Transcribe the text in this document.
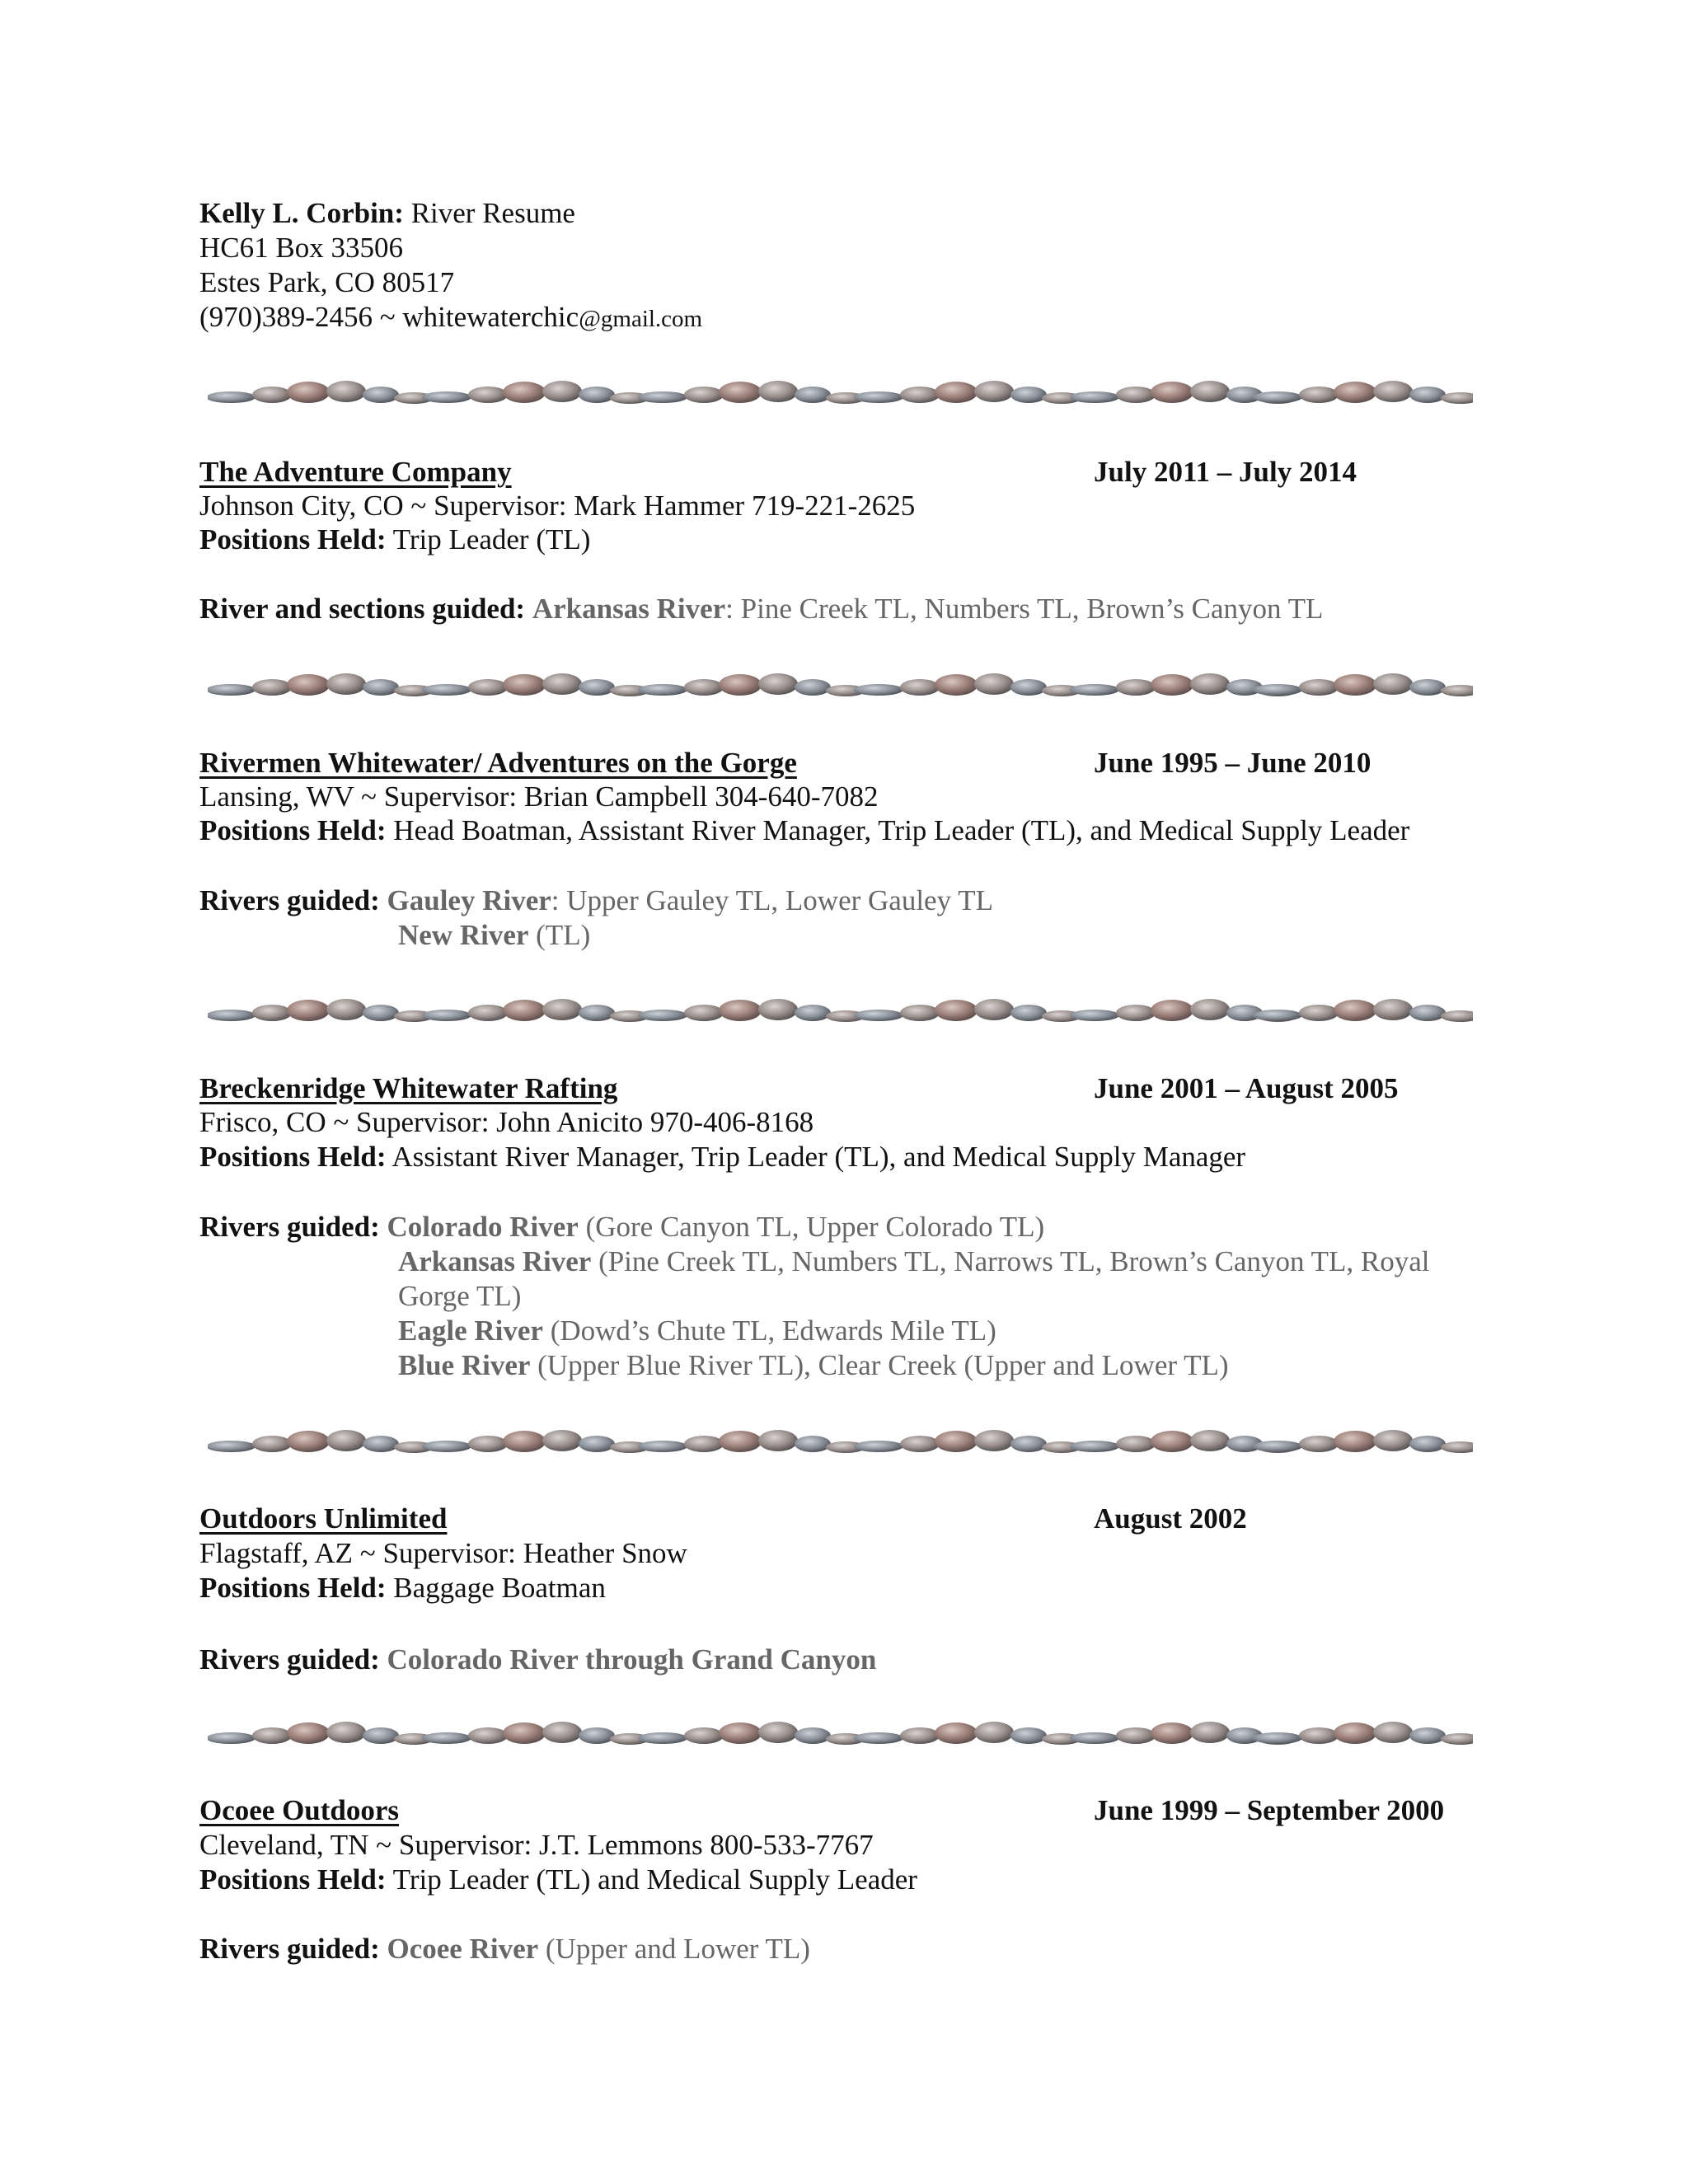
Kelly L. Corbin: River Resume
HC61 Box 33506
Estes Park, CO 80517
(970)389-2456 ~ whitewaterchic@gmail.com
The Adventure Company	July 2011 – July 2014
Johnson City, CO ~ Supervisor: Mark Hammer 719-221-2625
Positions Held: Trip Leader (TL)
River and sections guided: Arkansas River: Pine Creek TL, Numbers TL, Brown’s Canyon TL
Rivermen Whitewater/ Adventures on the Gorge	June 1995 – June 2010
Lansing, WV ~ Supervisor: Brian Campbell 304-640-7082
Positions Held: Head Boatman, Assistant River Manager, Trip Leader (TL), and Medical Supply Leader
Rivers guided: Gauley River: Upper Gauley TL, Lower Gauley TL
New River (TL)
Breckenridge Whitewater Rafting	June 2001 – August 2005
Frisco, CO ~ Supervisor: John Anicito 970-406-8168
Positions Held: Assistant River Manager, Trip Leader (TL), and Medical Supply Manager
Rivers guided: Colorado River (Gore Canyon TL, Upper Colorado TL)
Arkansas River (Pine Creek TL, Numbers TL, Narrows TL, Brown’s Canyon TL, Royal
Gorge TL)
Eagle River (Dowd’s Chute TL, Edwards Mile TL)
Blue River (Upper Blue River TL), Clear Creek (Upper and Lower TL)
Outdoors Unlimited	August 2002
Flagstaff, AZ ~ Supervisor: Heather Snow
Positions Held: Baggage Boatman
Rivers guided: Colorado River through Grand Canyon
Ocoee Outdoors	June 1999 – September 2000
Cleveland, TN ~ Supervisor: J.T. Lemmons 800-533-7767
Positions Held: Trip Leader (TL) and Medical Supply Leader
Rivers guided: Ocoee River (Upper and Lower TL)
